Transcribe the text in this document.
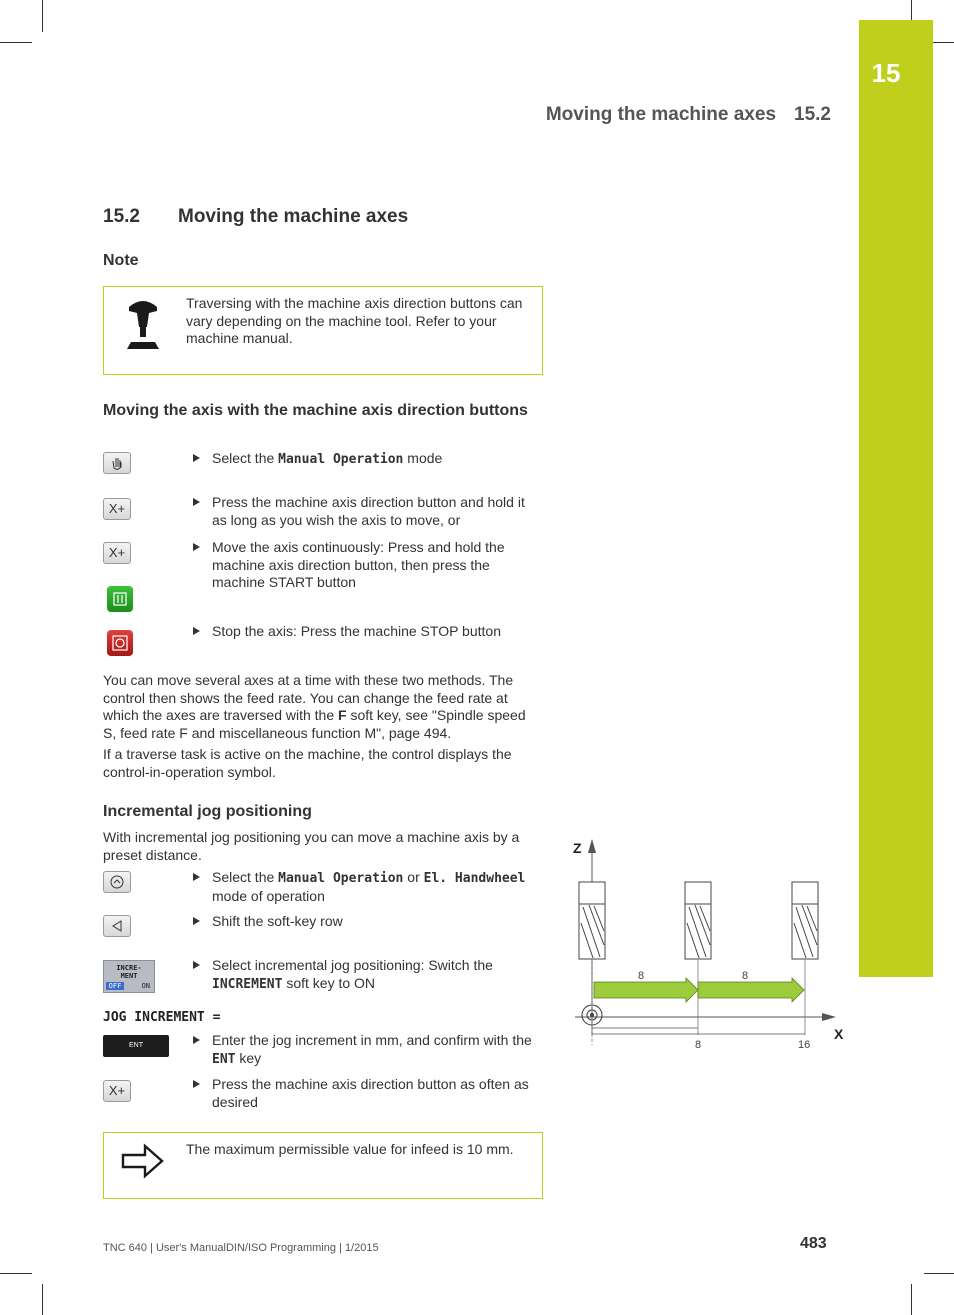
15
Moving the machine axes 15.2
15.2 Moving the machine axes
Note
Traversing with the machine axis direction buttons can vary depending on the machine tool. Refer to your machine manual.
Moving the axis with the machine axis direction buttons
X+
X+
Select the Manual Operation mode
Press the machine axis direction button and hold it as long as you wish the axis to move, or
Move the axis continuously: Press and hold the machine axis direction button, then press the machine START button
Stop the axis: Press the machine STOP button
You can move several axes at a time with these two methods. The control then shows the feed rate. You can change the feed rate at which the axes are traversed with the F soft key, see "Spindle speed S, feed rate F and miscellaneous function M", page 494.
If a traverse task is active on the machine, the control displays the control-in-operation symbol.
Incremental jog positioning
With incremental jog positioning you can move a machine axis by a preset distance.
INCRE-
MENT
OFF	ON
Select the Manual Operation or El. Handwheel mode of operation
Shift the soft-key row
Select incremental jog positioning: Switch the INCREMENT soft key to ON
JOG INCREMENT =
ENT
X+
Enter the jog increment in mm, and confirm with the ENT key
Press the machine axis direction button as often as desired
The maximum permissible value for infeed is 10 mm.
Z
X
8	8
8	16
TNC 640 | User's ManualDIN/ISO Programming | 1/2015	483
